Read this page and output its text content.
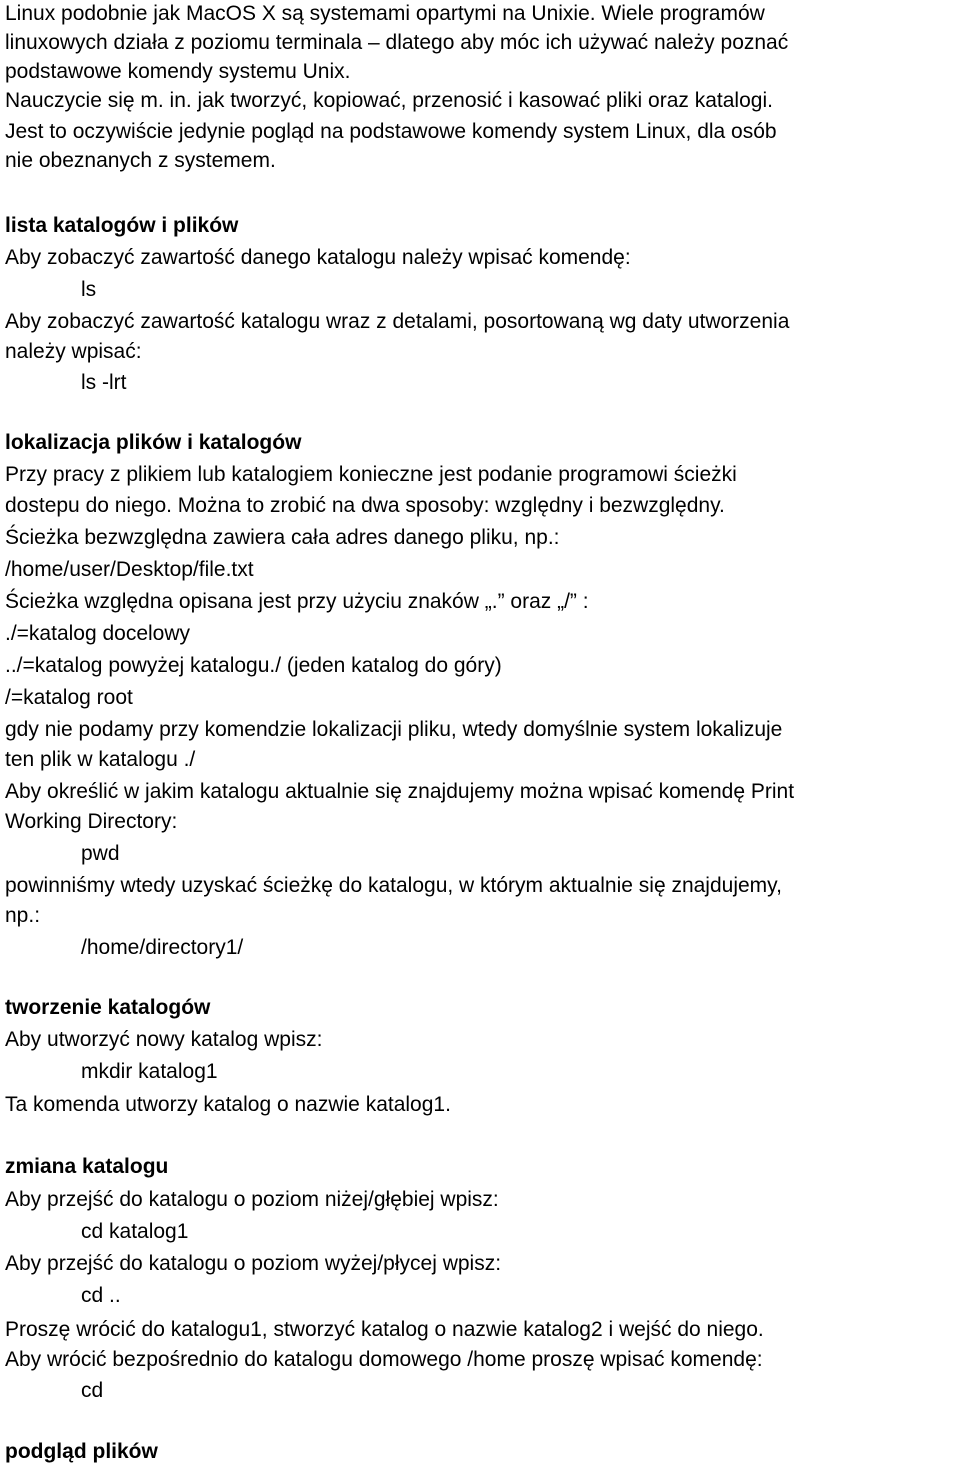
Linux podobnie jak MacOS X są systemami opartymi na Unixie. Wiele programów
linuxowych działa z poziomu terminala – dlatego aby móc ich używać należy poznać
podstawowe komendy systemu Unix.
Nauczycie się m. in. jak tworzyć, kopiować, przenosić i kasować pliki oraz katalogi.
Jest to oczywiście jedynie pogląd na podstawowe komendy system Linux, dla osób
nie obeznanych z systemem.
lista katalogów i plików
Aby zobaczyć zawartość danego katalogu należy wpisać komendę:
ls
Aby zobaczyć zawartość katalogu wraz z detalami, posortowaną wg daty utworzenia
należy wpisać:
ls -lrt
lokalizacja plików i katalogów
Przy pracy z plikiem lub katalogiem konieczne jest podanie programowi ścieżki
dostepu do niego. Można to zrobić na dwa sposoby: względny i bezwzględny.
Ścieżka bezwzględna zawiera cała adres danego pliku, np.:
/home/user/Desktop/file.txt
Ścieżka względna opisana jest przy użyciu znaków „.” oraz „/” :
./=katalog docelowy
../=katalog powyżej katalogu./ (jeden katalog do góry)
/=katalog root
gdy nie podamy przy komendzie lokalizacji pliku, wtedy domyślnie system lokalizuje
ten plik w katalogu ./
Aby określić w jakim katalogu aktualnie się znajdujemy można wpisać komendę Print
Working Directory:
pwd
powinniśmy wtedy uzyskać ścieżkę do katalogu, w którym aktualnie się znajdujemy,
np.:
/home/directory1/
tworzenie katalogów
Aby utworzyć nowy katalog wpisz:
mkdir katalog1
Ta komenda utworzy katalog o nazwie katalog1.
zmiana katalogu
Aby przejść do katalogu o poziom niżej/głębiej wpisz:
cd katalog1
Aby przejść do katalogu o poziom wyżej/płycej wpisz:
cd ..
Proszę wrócić do katalogu1, stworzyć katalog o nazwie katalog2 i wejść do niego.
Aby wrócić bezpośrednio do katalogu domowego /home proszę wpisać komendę:
cd
podgląd plików
